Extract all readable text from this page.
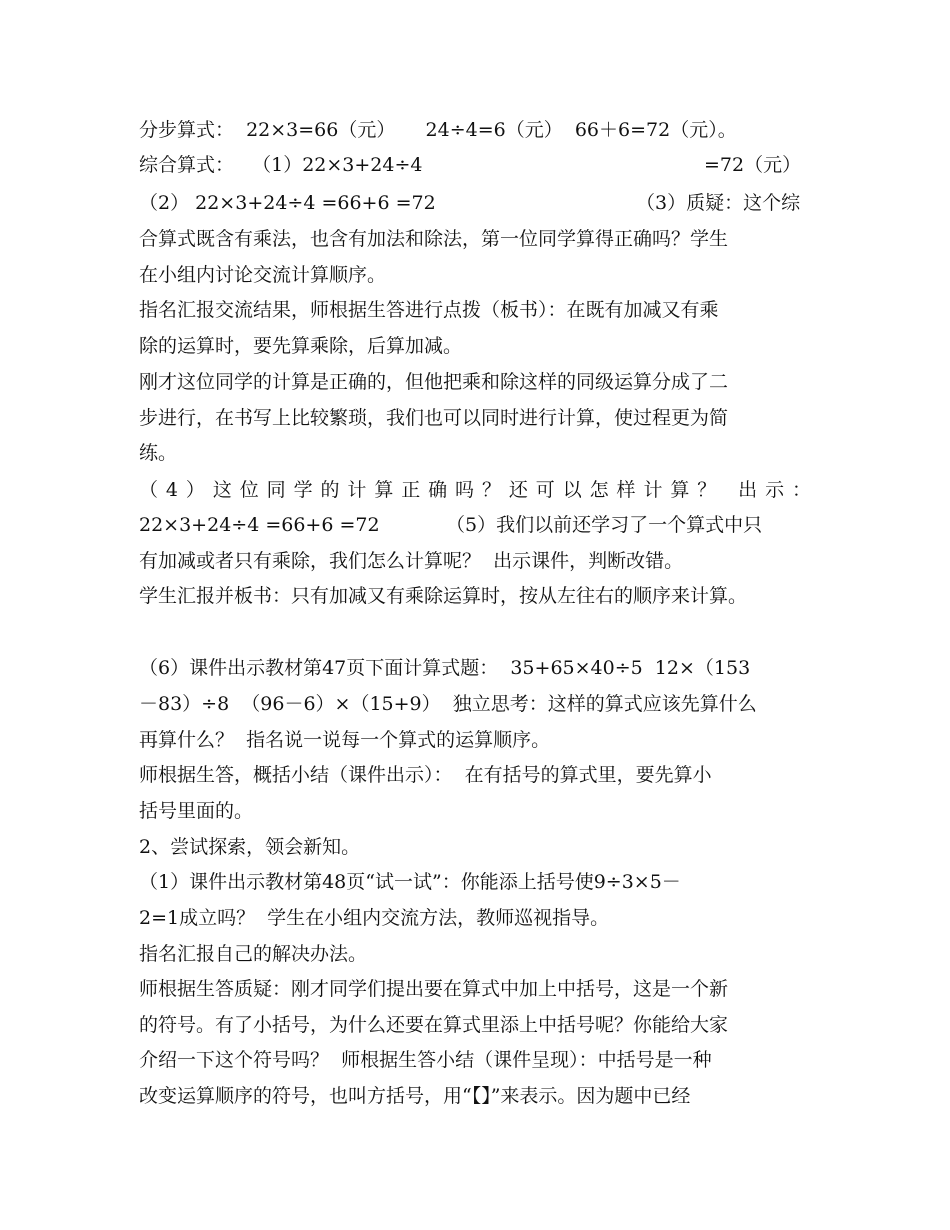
分步算式：  22×3=66（元）     24÷4=6（元）  66＋6=72（元）。
综合算式：   （1）22×3+24÷4	=72（元）
（2） 22×3+24÷4 =66+6 =72	（3）质疑：这个综
合算式既含有乘法，也含有加法和除法，第一位同学算得正确吗？学生
在小组内讨论交流计算顺序。
指名汇报交流结果，师根据生答进行点拨（板书）：在既有加减又有乘
除的运算时，要先算乘除，后算加减。
刚才这位同学的计算是正确的，但他把乘和除这样的同级运算分成了二
步进行，在书写上比较繁琐，我们也可以同时进行计算，使过程更为简
练。
（4）这位同学的计算正确吗？还可以怎样计算？ 出示：
22×3+24÷4 =66+6 =72           （5）我们以前还学习了一个算式中只
有加减或者只有乘除，我们怎么计算呢？  出示课件，判断改错。
学生汇报并板书：只有加减又有乘除运算时，按从左往右的顺序来计算。
（6）课件出示教材第47页下面计算式题：  35+65×40÷5  12×（153
－83）÷8  （96－6）×（15+9）  独立思考：这样的算式应该先算什么
再算什么？  指名说一说每一个算式的运算顺序。
师根据生答，概括小结（课件出示）：  在有括号的算式里，要先算小
括号里面的。
2、尝试探索，领会新知。
（1）课件出示教材第48页“试一试”：你能添上括号使9÷3×5－
2=1成立吗？  学生在小组内交流方法，教师巡视指导。
指名汇报自己的解决办法。
师根据生答质疑：刚才同学们提出要在算式中加上中括号，这是一个新
的符号。有了小括号，为什么还要在算式里添上中括号呢？你能给大家
介绍一下这个符号吗？  师根据生答小结（课件呈现）：中括号是一种
改变运算顺序的符号，也叫方括号，用“【】”来表示。因为题中已经
